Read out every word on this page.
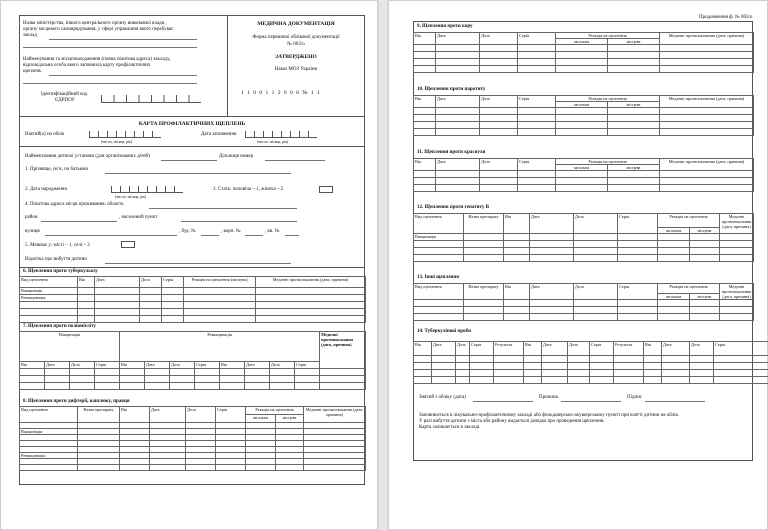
Назва міністерства, іншого центрального органу виконавчої влади,
органу місцевого самоврядування, у сфері управління якого перебуває
заклад
Найменування та місцезнаходження (повна поштова адреса) закладу,
відповідальна особа якого заповнила карту профілактичних
щеплень
Ідентифікаційний код
ЄДРПОУ
МЕДИЧНА ДОКУМЕНТАЦІЯ
Форма первинної облікової документації
№ 063/о
ЗАТВЕРДЖЕНО
Наказ МОЗ України
1 1 0 0 1 1 2 0 0 6 № 1 1
КАРТА ПРОФІЛАКТИЧНИХ ЩЕПЛЕНЬ
Взятий(а) на облік
(число, місяць, рік)
Дата заповнення
(число, місяць, рік)
Найменування дитячої установи (для організованих дітей)	Дільниця номер
1. Прізвище, ім’я, по батькові
2. Дата народження
(число, місяць, рік)
3. Стать: чоловіча – 1, жіноча – 2
4. Поштова адреса місця проживання: область
район	, населений пункт
вулиця	, буд. №	, корп. №	, кв. №
5. Мешкає у: місті – 1, селі – 2
Відмітка про вибуття дитини
6. Щеплення проти туберкульозу
Вид щеплення	Вік	Дата	Доза	Серія	Реакція на щеплення (місцева)	Медичні протипоказання (дата, причина)
Вакцинація						
Ревакцинація						

7. Щеплення проти поліомієліту
Вакцинація				Ревакцинація								Медичні протипоказання (дата, причина)
Вік	Дата	Доза	Серія	Вік	Дата	Доза	Серія	Вік	Дата	Доза	Серія	

8. Щеплення проти дифтерії, кашлюку, правця
Вид щеплення	Назва препарату	Вік	Дата	Доза	Серія	Реакція на щеплення		Медичні протипоказання (дата, причина)
						загальна	місцева	

Вакцинація								

Ревакцинація								

Продовження ф. № 063/о
9. Щеплення проти кору
Вік	Дата	Доза	Серія	Реакція на щеплення		Медичні протипоказання (дата, причина)
				загальна	місцева	

10. Щеплення проти паротиту
Вік	Дата	Доза	Серія	Реакція на щеплення		Медичні протипоказання (дата, причина)
				загальна	місцева	

11. Щеплення проти краснухи
Вік	Дата	Доза	Серія	Реакція на щеплення		Медичні протипоказання (дата, причина)
				загальна	місцева	

12. Щеплення проти гепатиту В
Вид щеплення	Назва препарату	Вік	Дата	Доза	Серія	Реакція на щеплення		Медичні протипоказання (дата, причина)
						загальна	місцева	
Вакцинація								

13. Інші щеплення
Вид щеплення	Назва препарату	Вік	Дата	Доза	Серія	Реакція на щеплення		Медичні протипоказання (дата, причина)
						загальна	місцева	

14. Туберкулінові проби
Вік	Дата	Доза	Серія	Результат	Вік	Дата	Доза	Серія	Результат	Вік	Дата	Доза	Серія

Знятий з обліку (дата)	Причина	Підпис
Заповнюється в лікувально-профілактичному закладі або фельдшерсько-акушерському пункті при взятті дитини на облік.
У разі вибуття дитини з міста або району видається довідка про проведення щеплення.
Карта залишається в закладі.
